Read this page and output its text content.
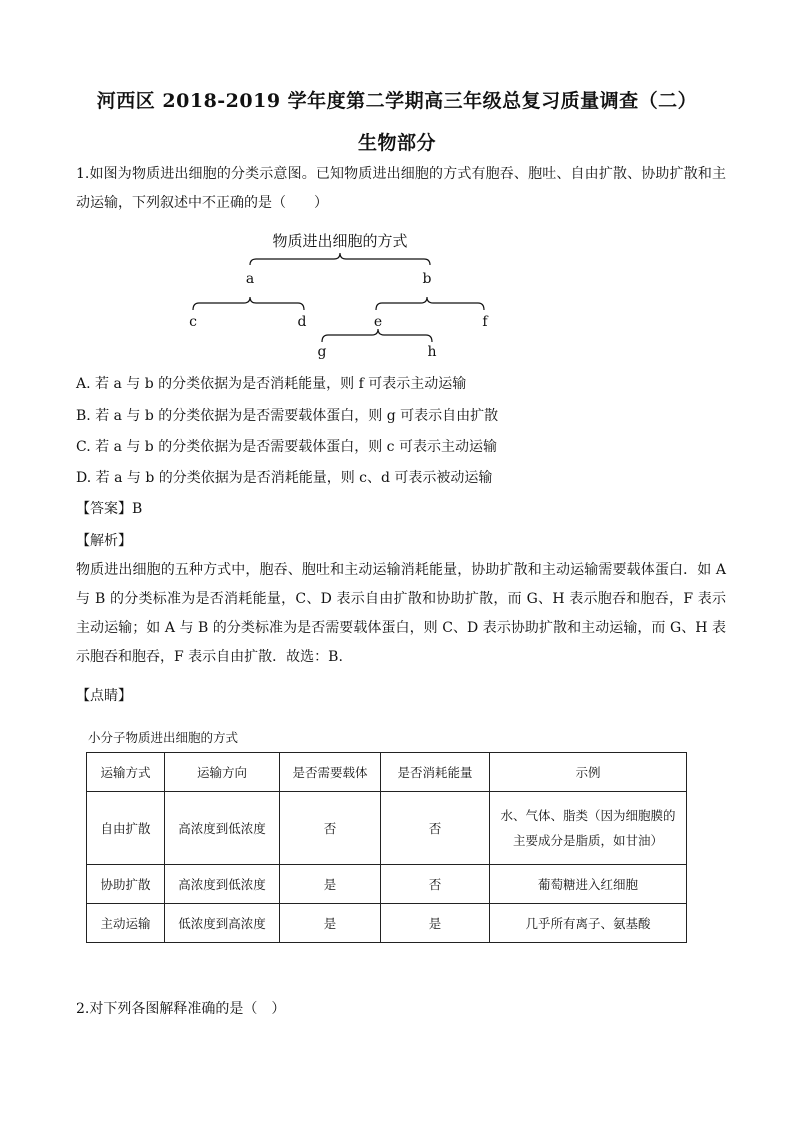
河西区 2018-2019 学年度第二学期高三年级总复习质量调查（二）
生物部分
1.如图为物质进出细胞的分类示意图。已知物质进出细胞的方式有胞吞、胞吐、自由扩散、协助扩散和主动运输，下列叙述中不正确的是（　　）
物质进出细胞的方式
a	b
c	d	e	f
g	h
A. 若 a 与 b 的分类依据为是否消耗能量，则 f 可表示主动运输
B. 若 a 与 b 的分类依据为是否需要载体蛋白，则 g 可表示自由扩散
C. 若 a 与 b 的分类依据为是否需要载体蛋白，则 c 可表示主动运输
D. 若 a 与 b 的分类依据为是否消耗能量，则 c、d 可表示被动运输
【答案】B
【解析】
物质进出细胞的五种方式中，胞吞、胞吐和主动运输消耗能量，协助扩散和主动运输需要载体蛋白．如 A 与 B 的分类标准为是否消耗能量，C、D 表示自由扩散和协助扩散，而 G、H 表示胞吞和胞吞，F 表示主动运输；如 A 与 B 的分类标准为是否需要载体蛋白，则 C、D 表示协助扩散和主动运输，而 G、H 表示胞吞和胞吞，F 表示自由扩散．故选：B.
【点睛】
小分子物质进出细胞的方式
运输方式	运输方向	是否需要载体	是否消耗能量	示例
自由扩散	高浓度到低浓度	否	否	水、气体、脂类（因为细胞膜的主要成分是脂质，如甘油）
协助扩散	高浓度到低浓度	是	否	葡萄糖进入红细胞
主动运输	低浓度到高浓度	是	是	几乎所有离子、氨基酸
2.对下列各图解释准确的是（　）
